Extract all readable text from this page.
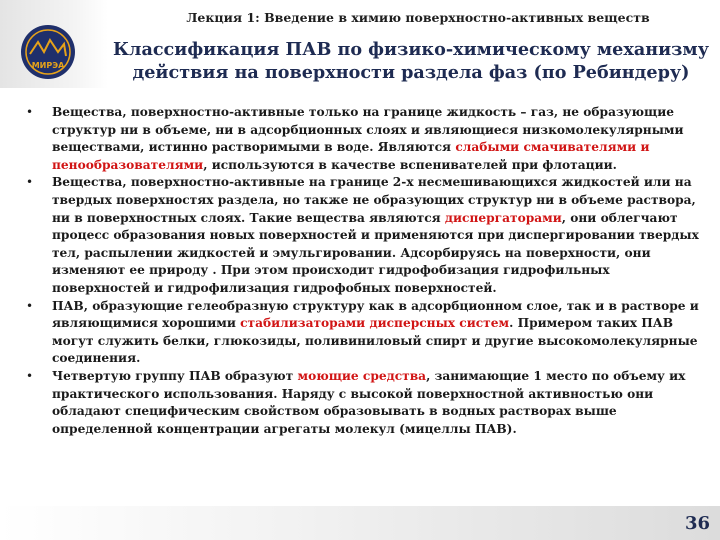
МИРЭА
Лекция 1: Введение в химию поверхностно-активных веществ
Классификация ПАВ по физико-химическому механизму
действия на поверхности раздела фаз (по Ребиндеру)
•	Вещества, поверхностно-активные только на границе жидкость – газ, не образующие структур ни в объеме, ни в адсорбционных слоях и являющиеся низкомолекулярными веществами, истинно растворимыми в воде. Являются слабыми смачивателями и пенообразователями, используются в качестве вспенивателей при флотации.
•	Вещества, поверхностно-активные на границе 2-х несмешивающихся жидкостей или на твердых поверхностях раздела, но также не образующих структур ни в объеме раствора, ни в поверхностных слоях. Такие вещества являются диспергаторами, они облегчают процесс образования новых поверхностей и применяются при диспергировании твердых тел, распылении жидкостей и эмульгировании. Адсорбируясь на поверхности, они изменяют ее природу . При этом происходит гидрофобизация гидрофильных поверхностей и гидрофилизация гидрофобных поверхностей.
•	ПАВ, образующие гелеобразную структуру как в адсорбционном слое, так и в растворе и являющимися хорошими стабилизаторами дисперсных систем. Примером таких ПАВ могут служить белки, глюкозиды, поливиниловый спирт и другие высокомолекулярные соединения.
•	Четвертую группу ПАВ образуют моющие средства, занимающие 1 место по объему их практического использования. Наряду с высокой поверхностной активностью они обладают специфическим свойством образовывать в водных растворах выше определенной концентрации агрегаты молекул (мицеллы ПАВ).
36
